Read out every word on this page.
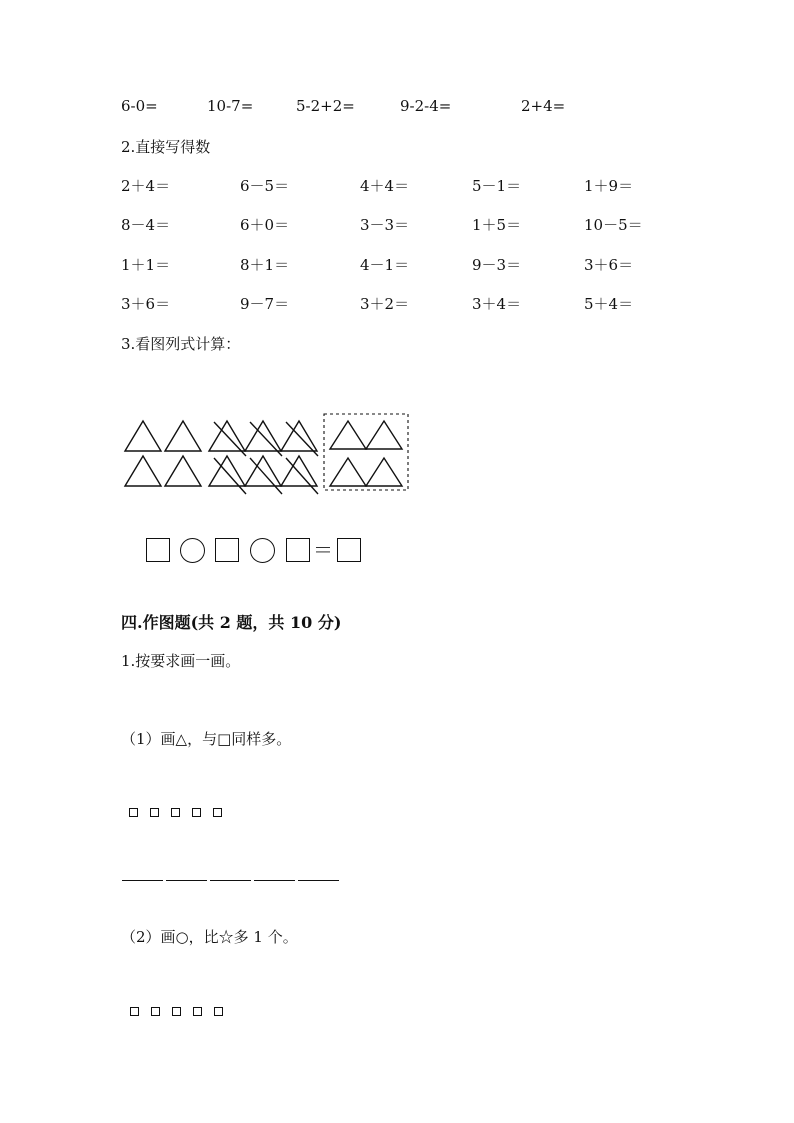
6-0=	10-7=	5-2+2=	9-2-4=	2+4=
2.直接写得数
2＋4＝	6－5＝	4＋4＝	5－1＝	1＋9＝
8－4＝	6＋0＝	3－3＝	1＋5＝	10－5＝
1＋1＝	8＋1＝	4－1＝	9－3＝	3＋6＝
3＋6＝	9－7＝	3＋2＝	3＋4＝	5＋4＝
3.看图列式计算：
＝
四.作图题(共 2 题，共 10 分)
1.按要求画一画。
（1）画△，与□同样多。
（2）画○，比☆多 1 个。
